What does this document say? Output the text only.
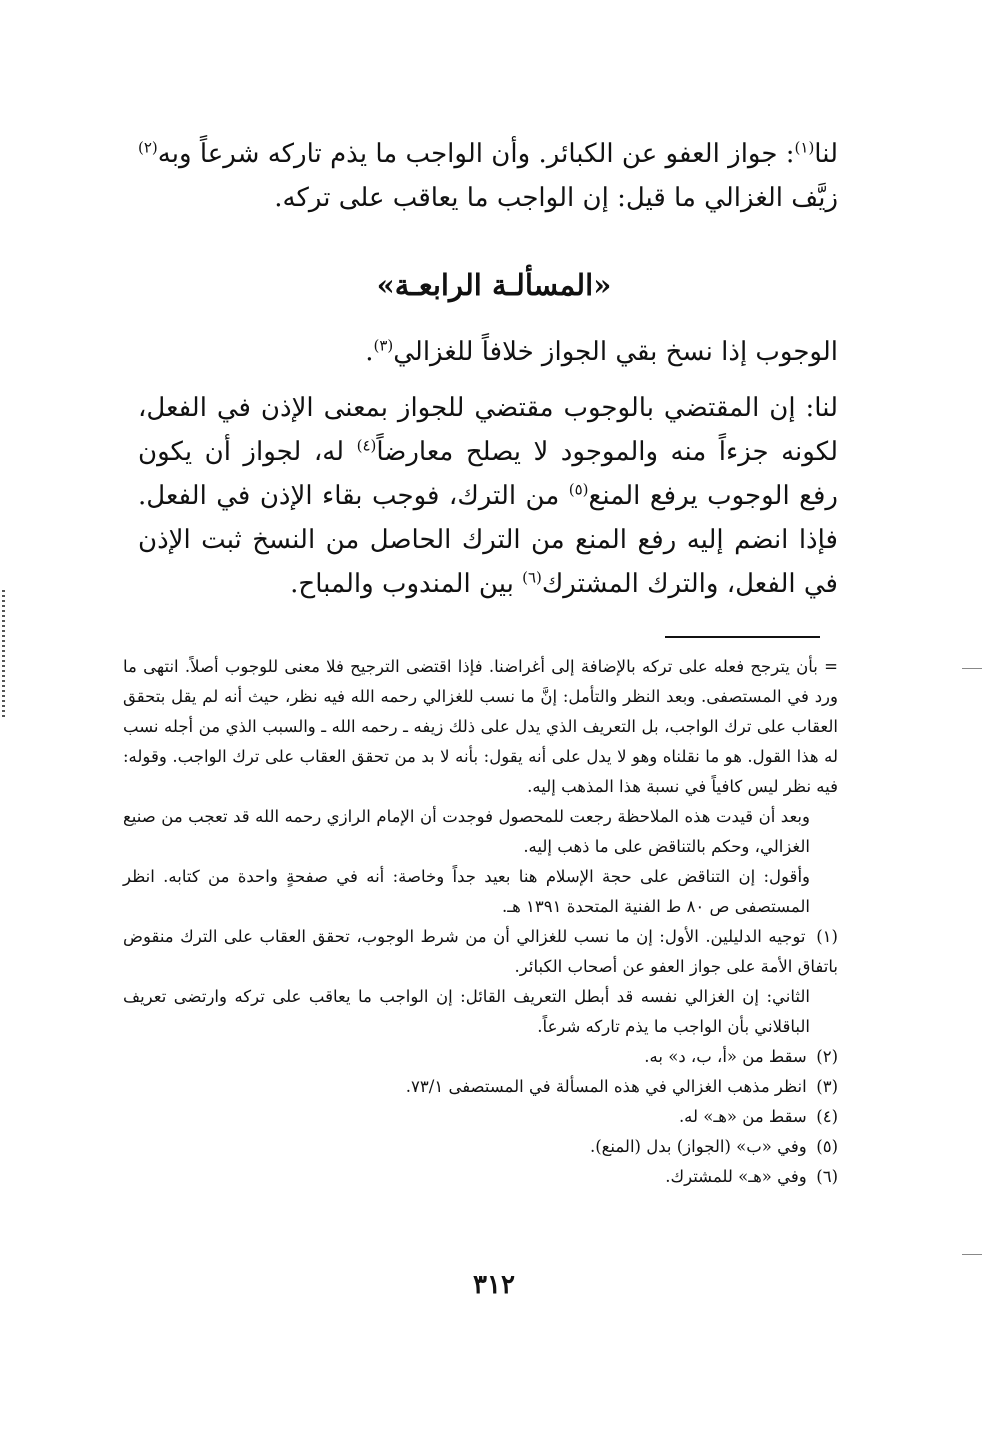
لنا$^{(١)}$: جواز العفو عن الكبائر. وأن الواجب ما يذم تاركه شرعاً وبه$^{(٢)}$ زيَّف الغزالي ما قيل: إن الواجب ما يعاقب على تركه.

«المسألـة الرابعـة»

الوجوب إذا نسخ بقي الجواز خلافاً للغزالي$^{(٣)}$.

لنا: إن المقتضي بالوجوب مقتضي للجواز بمعنى الإذن في الفعل، لكونه جزءاً منه والموجود لا يصلح معارضاً$^{(٤)}$ له، لجواز أن يكون رفع الوجوب يرفع المنع$^{(٥)}$ من الترك، فوجب بقاء الإذن في الفعل. فإذا انضم إليه رفع المنع من الترك الحاصل من النسخ ثبت الإذن في الفعل، والترك المشترك$^{(٦)}$ بين المندوب والمباح.

= بأن يترجح فعله على تركه بالإضافة إلى أغراضنا. فإذا اقتضى الترجيح فلا معنى للوجوب أصلاً. انتهى ما ورد في المستصفى. وبعد النظر والتأمل: إنَّ ما نسب للغزالي رحمه الله فيه نظر، حيث أنه لم يقل بتحقق العقاب على ترك الواجب، بل التعريف الذي يدل على ذلك زيفه ـ رحمه الله ـ والسبب الذي من أجله نسب له هذا القول. هو ما نقلناه وهو لا يدل على أنه يقول: بأنه لا بد من تحقق العقاب على ترك الواجب. وقوله: فيه نظر ليس كافياً في نسبة هذا المذهب إليه.

وبعد أن قيدت هذه الملاحظة رجعت للمحصول فوجدت أن الإمام الرازي رحمه الله قد تعجب من صنيع الغزالي، وحكم بالتناقض على ما ذهب إليه.

وأقول: إن التناقض على حجة الإسلام هنا بعيد جداً وخاصة: أنه في صفحةٍ واحدة من كتابه. انظر المستصفى ص ٨٠ ط الفنية المتحدة ١٣٩١ هـ.

(١) توجيه الدليلين. الأول: إن ما نسب للغزالي أن من شرط الوجوب، تحقق العقاب على الترك منقوض باتفاق الأمة على جواز العفو عن أصحاب الكبائر.

الثاني: إن الغزالي نفسه قد أبطل التعريف القائل: إن الواجب ما يعاقب على تركه وارتضى تعريف الباقلاني بأن الواجب ما يذم تاركه شرعاً.

(٢) سقط من «أ، ب، د» به.

(٣) انظر مذهب الغزالي في هذه المسألة في المستصفى ٧٣/١.

(٤) سقط من «هـ» له.

(٥) وفي «ب» (الجواز) بدل (المنع).

(٦) وفي «هـ» للمشترك.

٣١٢
